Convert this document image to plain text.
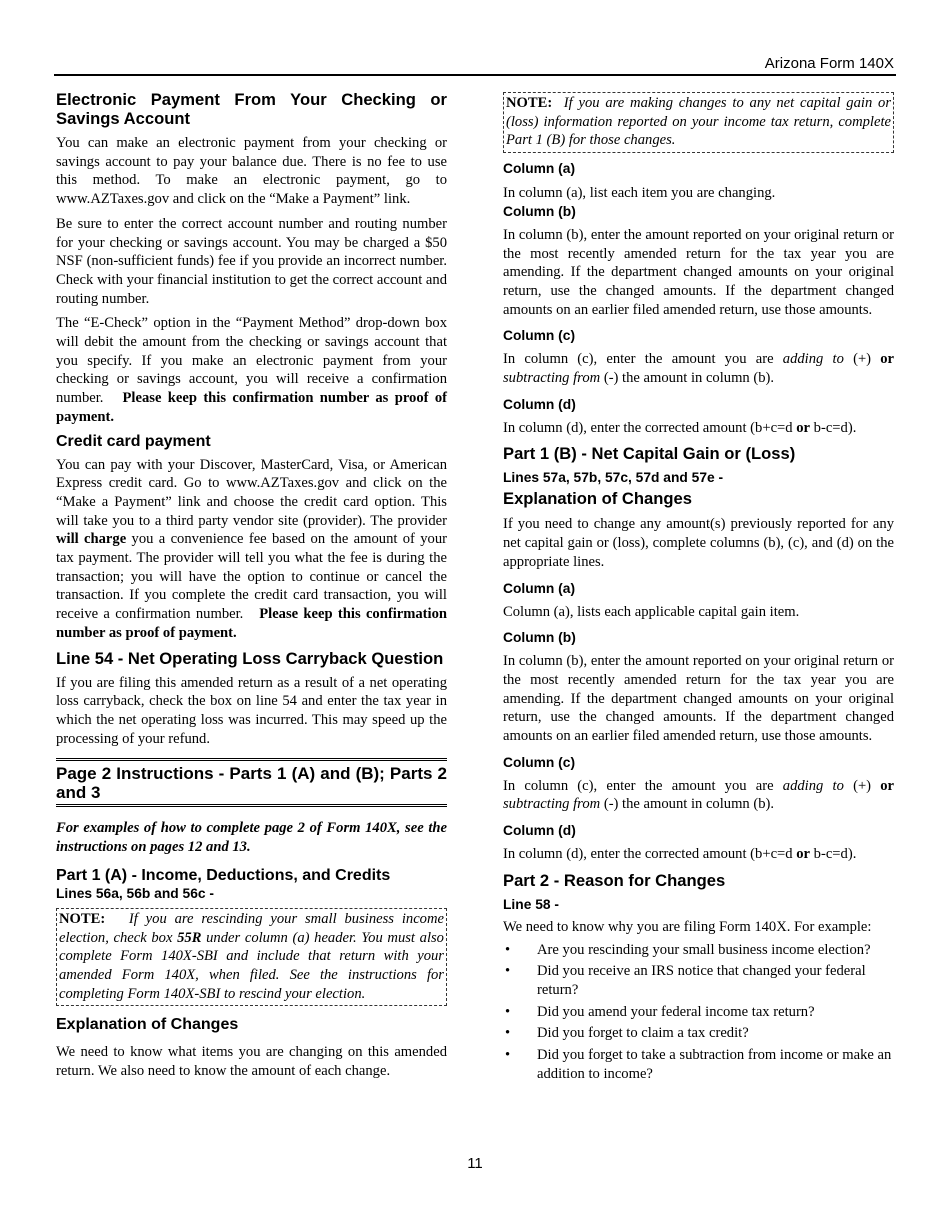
Arizona Form 140X
Electronic Payment From Your Checking or Savings Account

You can make an electronic payment from your checking or savings account to pay your balance due. There is no fee to use this method. To make an electronic payment, go to www.AZTaxes.gov and click on the “Make a Payment” link.

Be sure to enter the correct account number and routing number for your checking or savings account. You may be charged a $50 NSF (non-sufficient funds) fee if you provide an incorrect number. Check with your financial institution to get the correct account and routing number.

The “E-Check” option in the “Payment Method” drop-down box will debit the amount from the checking or savings account that you specify. If you make an electronic payment from your checking or savings account, you will receive a confirmation number. Please keep this confirmation number as proof of payment.

Credit card payment

You can pay with your Discover, MasterCard, Visa, or American Express credit card. Go to www.AZTaxes.gov and click on the “Make a Payment” link and choose the credit card option. This will take you to a third party vendor site (provider). The provider will charge you a convenience fee based on the amount of your tax payment. The provider will tell you what the fee is during the transaction; you will have the option to continue or cancel the transaction. If you complete the credit card transaction, you will receive a confirmation number. Please keep this confirmation number as proof of payment.

Line 54 - Net Operating Loss Carryback Question

If you are filing this amended return as a result of a net operating loss carryback, check the box on line 54 and enter the tax year in which the net operating loss was incurred. This may speed up the processing of your refund.

Page 2 Instructions - Parts 1 (A) and (B); Parts 2 and 3

For examples of how to complete page 2 of Form 140X, see the instructions on pages 12 and 13.

Part 1 (A) - Income, Deductions, and Credits
Lines 56a, 56b and 56c -

NOTE: If you are rescinding your small business income election, check box 55R under column (a) header. You must also complete Form 140X-SBI and include that return with your amended Form 140X, when filed. See the instructions for completing Form 140X-SBI to rescind your election.

Explanation of Changes

We need to know what items you are changing on this amended return. We also need to know the amount of each change.

NOTE: If you are making changes to any net capital gain or (loss) information reported on your income tax return, complete Part 1 (B) for those changes.

Column (a)

In column (a), list each item you are changing.

Column (b)

In column (b), enter the amount reported on your original return or the most recently amended return for the tax year you are amending. If the department changed amounts on your original return, use the changed amounts. If the department changed amounts on an earlier filed amended return, use those amounts.

Column (c)

In column (c), enter the amount you are adding to (+) or subtracting from (-) the amount in column (b).

Column (d)

In column (d), enter the corrected amount (b+c=d or b-c=d).

Part 1 (B) - Net Capital Gain or (Loss)
Lines 57a, 57b, 57c, 57d and 57e -
Explanation of Changes

If you need to change any amount(s) previously reported for any net capital gain or (loss), complete columns (b), (c), and (d) on the appropriate lines.

Column (a)

Column (a), lists each applicable capital gain item.

Column (b)

In column (b), enter the amount reported on your original return or the most recently amended return for the tax year you are amending. If the department changed amounts on your original return, use the changed amounts. If the department changed amounts on an earlier filed amended return, use those amounts.

Column (c)

In column (c), enter the amount you are adding to (+) or subtracting from (-) the amount in column (b).

Column (d)

In column (d), enter the corrected amount (b+c=d or b-c=d).

Part 2 - Reason for Changes
Line 58 -

We need to know why you are filing Form 140X. For example:

• Are you rescinding your small business income election?
• Did you receive an IRS notice that changed your federal return?
• Did you amend your federal income tax return?
• Did you forget to claim a tax credit?
• Did you forget to take a subtraction from income or make an addition to income?
11
